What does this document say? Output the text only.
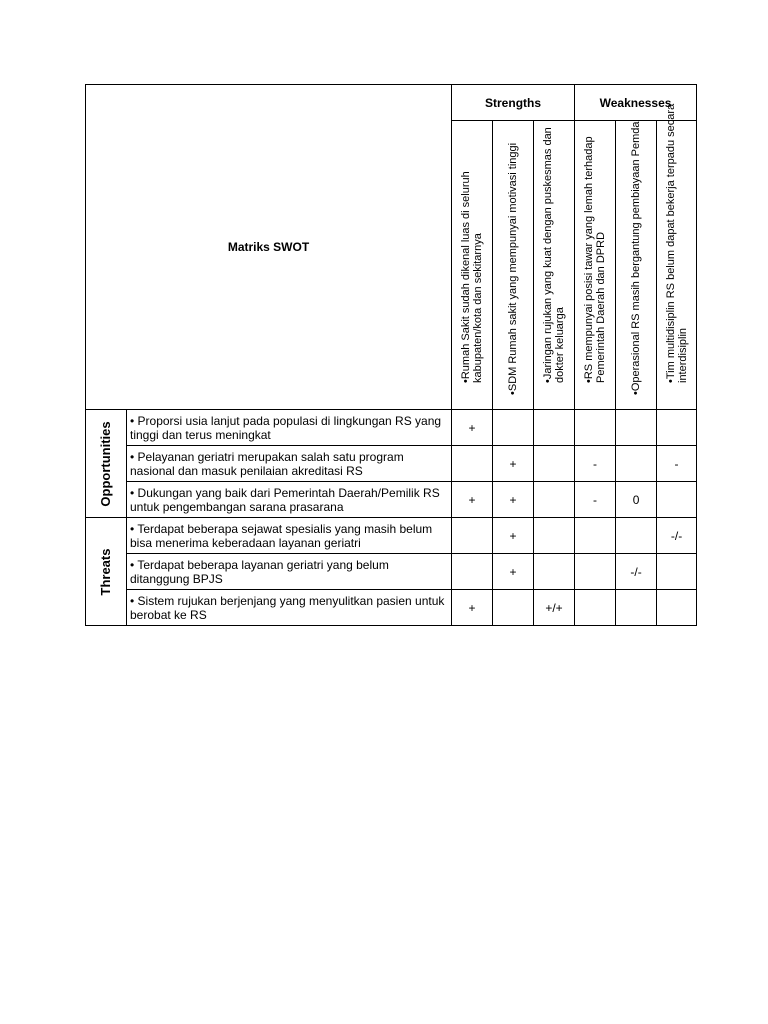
Matriks SWOT		Strengths			Weaknesses		

		•Rumah Sakit sudah dikenal luas di seluruh kabupaten/kota dan sekitarnya	•SDM Rumah sakit yang mempunyai motivasi tinggi	•Jaringan rujukan yang kuat dengan puskesmas dan dokter keluarga	•RS mempunyai posisi tawar yang lemah terhadap Pemerintah Daerah dan DPRD	•Operasional RS masih bergantung pembiayaan Pemda	•Tim multidisiplin RS belum dapat bekerja terpadu secara interdisiplin

Opportunities	• Proporsi usia lanjut pada populasi di lingkungan RS yang tinggi dan terus meningkat	+					
	• Pelayanan geriatri merupakan salah satu program nasional dan masuk penilaian akreditasi RS		+		-		-
	• Dukungan yang baik dari Pemerintah Daerah/Pemilik RS untuk pengembangan sarana prasarana	+	+		-	0	

Threats	• Terdapat beberapa sejawat spesialis yang masih belum bisa menerima keberadaan layanan geriatri		+				-/-
	• Terdapat beberapa layanan geriatri yang belum ditanggung BPJS		+			-/-	
	• Sistem rujukan berjenjang yang menyulitkan pasien untuk berobat ke RS	+		+/+			
